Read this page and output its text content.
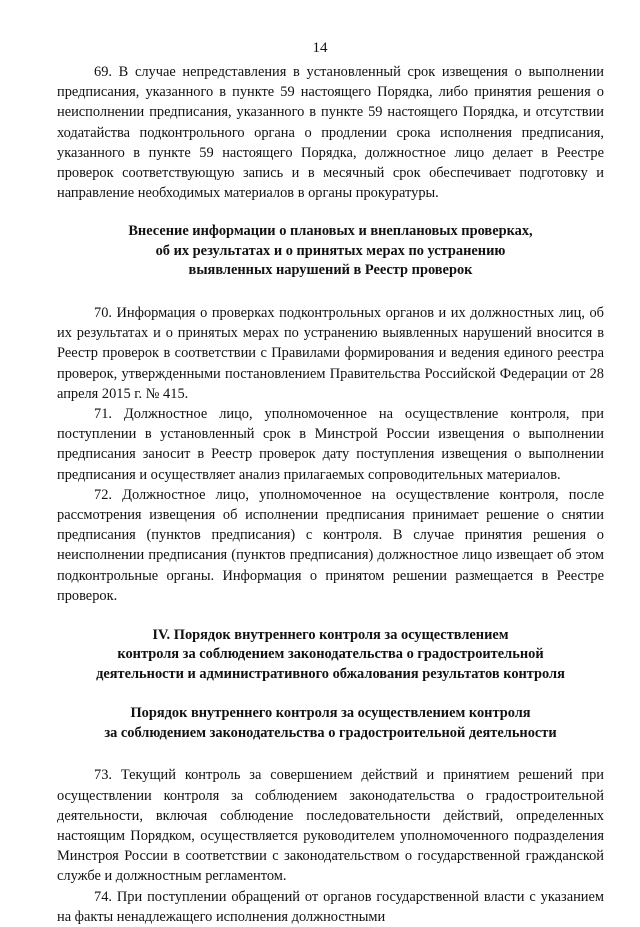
14

69. В случае непредставления в установленный срок извещения о выполнении предписания, указанного в пункте 59 настоящего Порядка, либо принятия решения о неисполнении предписания, указанного в пункте 59 настоящего Порядка, и отсутствии ходатайства подконтрольного органа о продлении срока исполнения предписания, указанного в пункте 59 настоящего Порядка, должностное лицо делает в Реестре проверок соответствующую запись и в месячный срок обеспечивает подготовку и направление необходимых материалов в органы прокуратуры.

Внесение информации о плановых и внеплановых проверках,
об их результатах и о принятых мерах по устранению
выявленных нарушений в Реестр проверок

70. Информация о проверках подконтрольных органов и их должностных лиц, об их результатах и о принятых мерах по устранению выявленных нарушений вносится в Реестр проверок в соответствии с Правилами формирования и ведения единого реестра проверок, утвержденными постановлением Правительства Российской Федерации от 28 апреля 2015 г. № 415.

71. Должностное лицо, уполномоченное на осуществление контроля, при поступлении в установленный срок в Минстрой России извещения о выполнении предписания заносит в Реестр проверок дату поступления извещения о выполнении предписания и осуществляет анализ прилагаемых сопроводительных материалов.

72. Должностное лицо, уполномоченное на осуществление контроля, после рассмотрения извещения об исполнении предписания принимает решение о снятии предписания (пунктов предписания) с контроля. В случае принятия решения о неисполнении предписания (пунктов предписания) должностное лицо извещает об этом подконтрольные органы. Информация о принятом решении размещается в Реестре проверок.

IV. Порядок внутреннего контроля за осуществлением
контроля за соблюдением законодательства о градостроительной
деятельности и административного обжалования результатов контроля
Порядок внутреннего контроля за осуществлением контроля
за соблюдением законодательства о градостроительной деятельности

73. Текущий контроль за совершением действий и принятием решений при осуществлении контроля за соблюдением законодательства о градостроительной деятельности, включая соблюдение последовательности действий, определенных настоящим Порядком, осуществляется руководителем уполномоченного подразделения Минстроя России в соответствии с законодательством о государственной гражданской службе и должностным регламентом.

74. При поступлении обращений от органов государственной власти с указанием на факты ненадлежащего исполнения должностными
